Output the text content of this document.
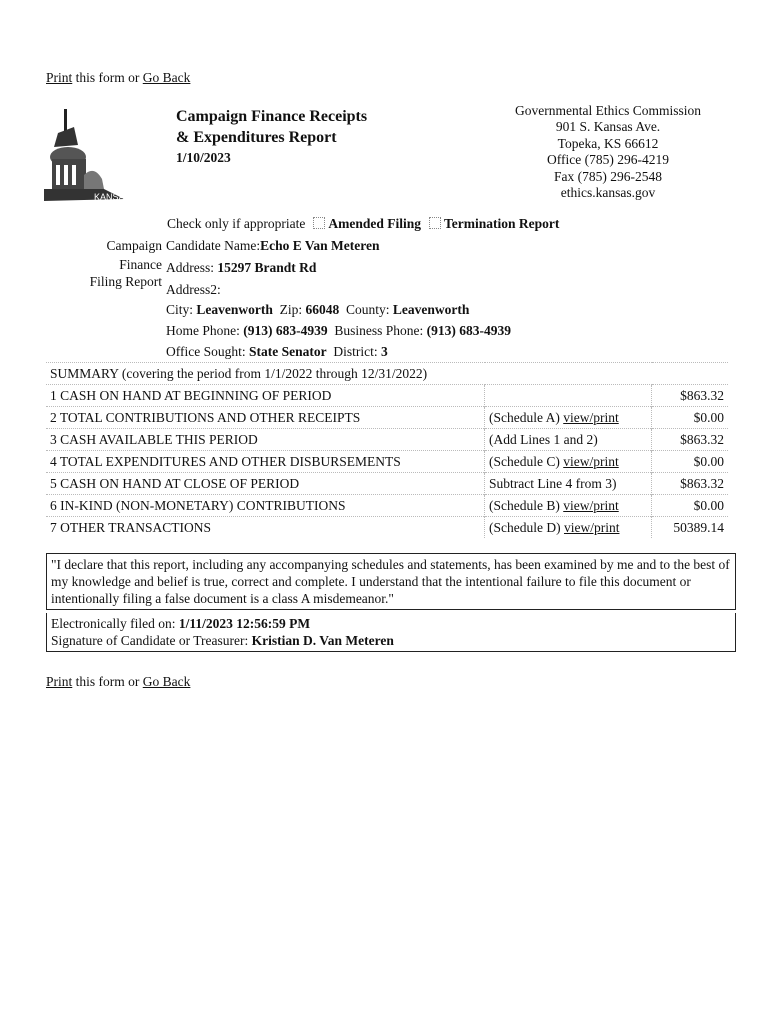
Print this form or Go Back
KANSAS
Campaign Finance Receipts
& Expenditures Report
1/10/2023
Governmental Ethics Commission
901 S. Kansas Ave.
Topeka, KS 66612
Office (785) 296-4219
Fax (785) 296-2548
ethics.kansas.gov
Check only if appropriate Amended Filing Termination Report
Campaign
Finance
Filing Report
Candidate Name:Echo E Van Meteren
Address: 15297 Brandt Rd
Address2:
City: Leavenworth Zip: 66048 County: Leavenworth
Home Phone: (913) 683-4939 Business Phone: (913) 683-4939
Office Sought: State Senator District: 3
SUMMARY (covering the period from 1/1/2022 through 12/31/2022)		
1 CASH ON HAND AT BEGINNING OF PERIOD		$863.32
2 TOTAL CONTRIBUTIONS AND OTHER RECEIPTS	(Schedule A) view/print	$0.00
3 CASH AVAILABLE THIS PERIOD	(Add Lines 1 and 2)	$863.32
4 TOTAL EXPENDITURES AND OTHER DISBURSEMENTS	(Schedule C) view/print	$0.00
5 CASH ON HAND AT CLOSE OF PERIOD	Subtract Line 4 from 3)	$863.32
6 IN-KIND (NON-MONETARY) CONTRIBUTIONS	(Schedule B) view/print	$0.00
7 OTHER TRANSACTIONS	(Schedule D) view/print	50389.14
"I declare that this report, including any accompanying schedules and statements, has been examined by me and to the best of my knowledge and belief is true, correct and complete. I understand that the intentional failure to file this document or intentionally filing a false document is a class A misdemeanor."
Electronically filed on: 1/11/2023 12:56:59 PM
Signature of Candidate or Treasurer: Kristian D. Van Meteren
Print this form or Go Back
